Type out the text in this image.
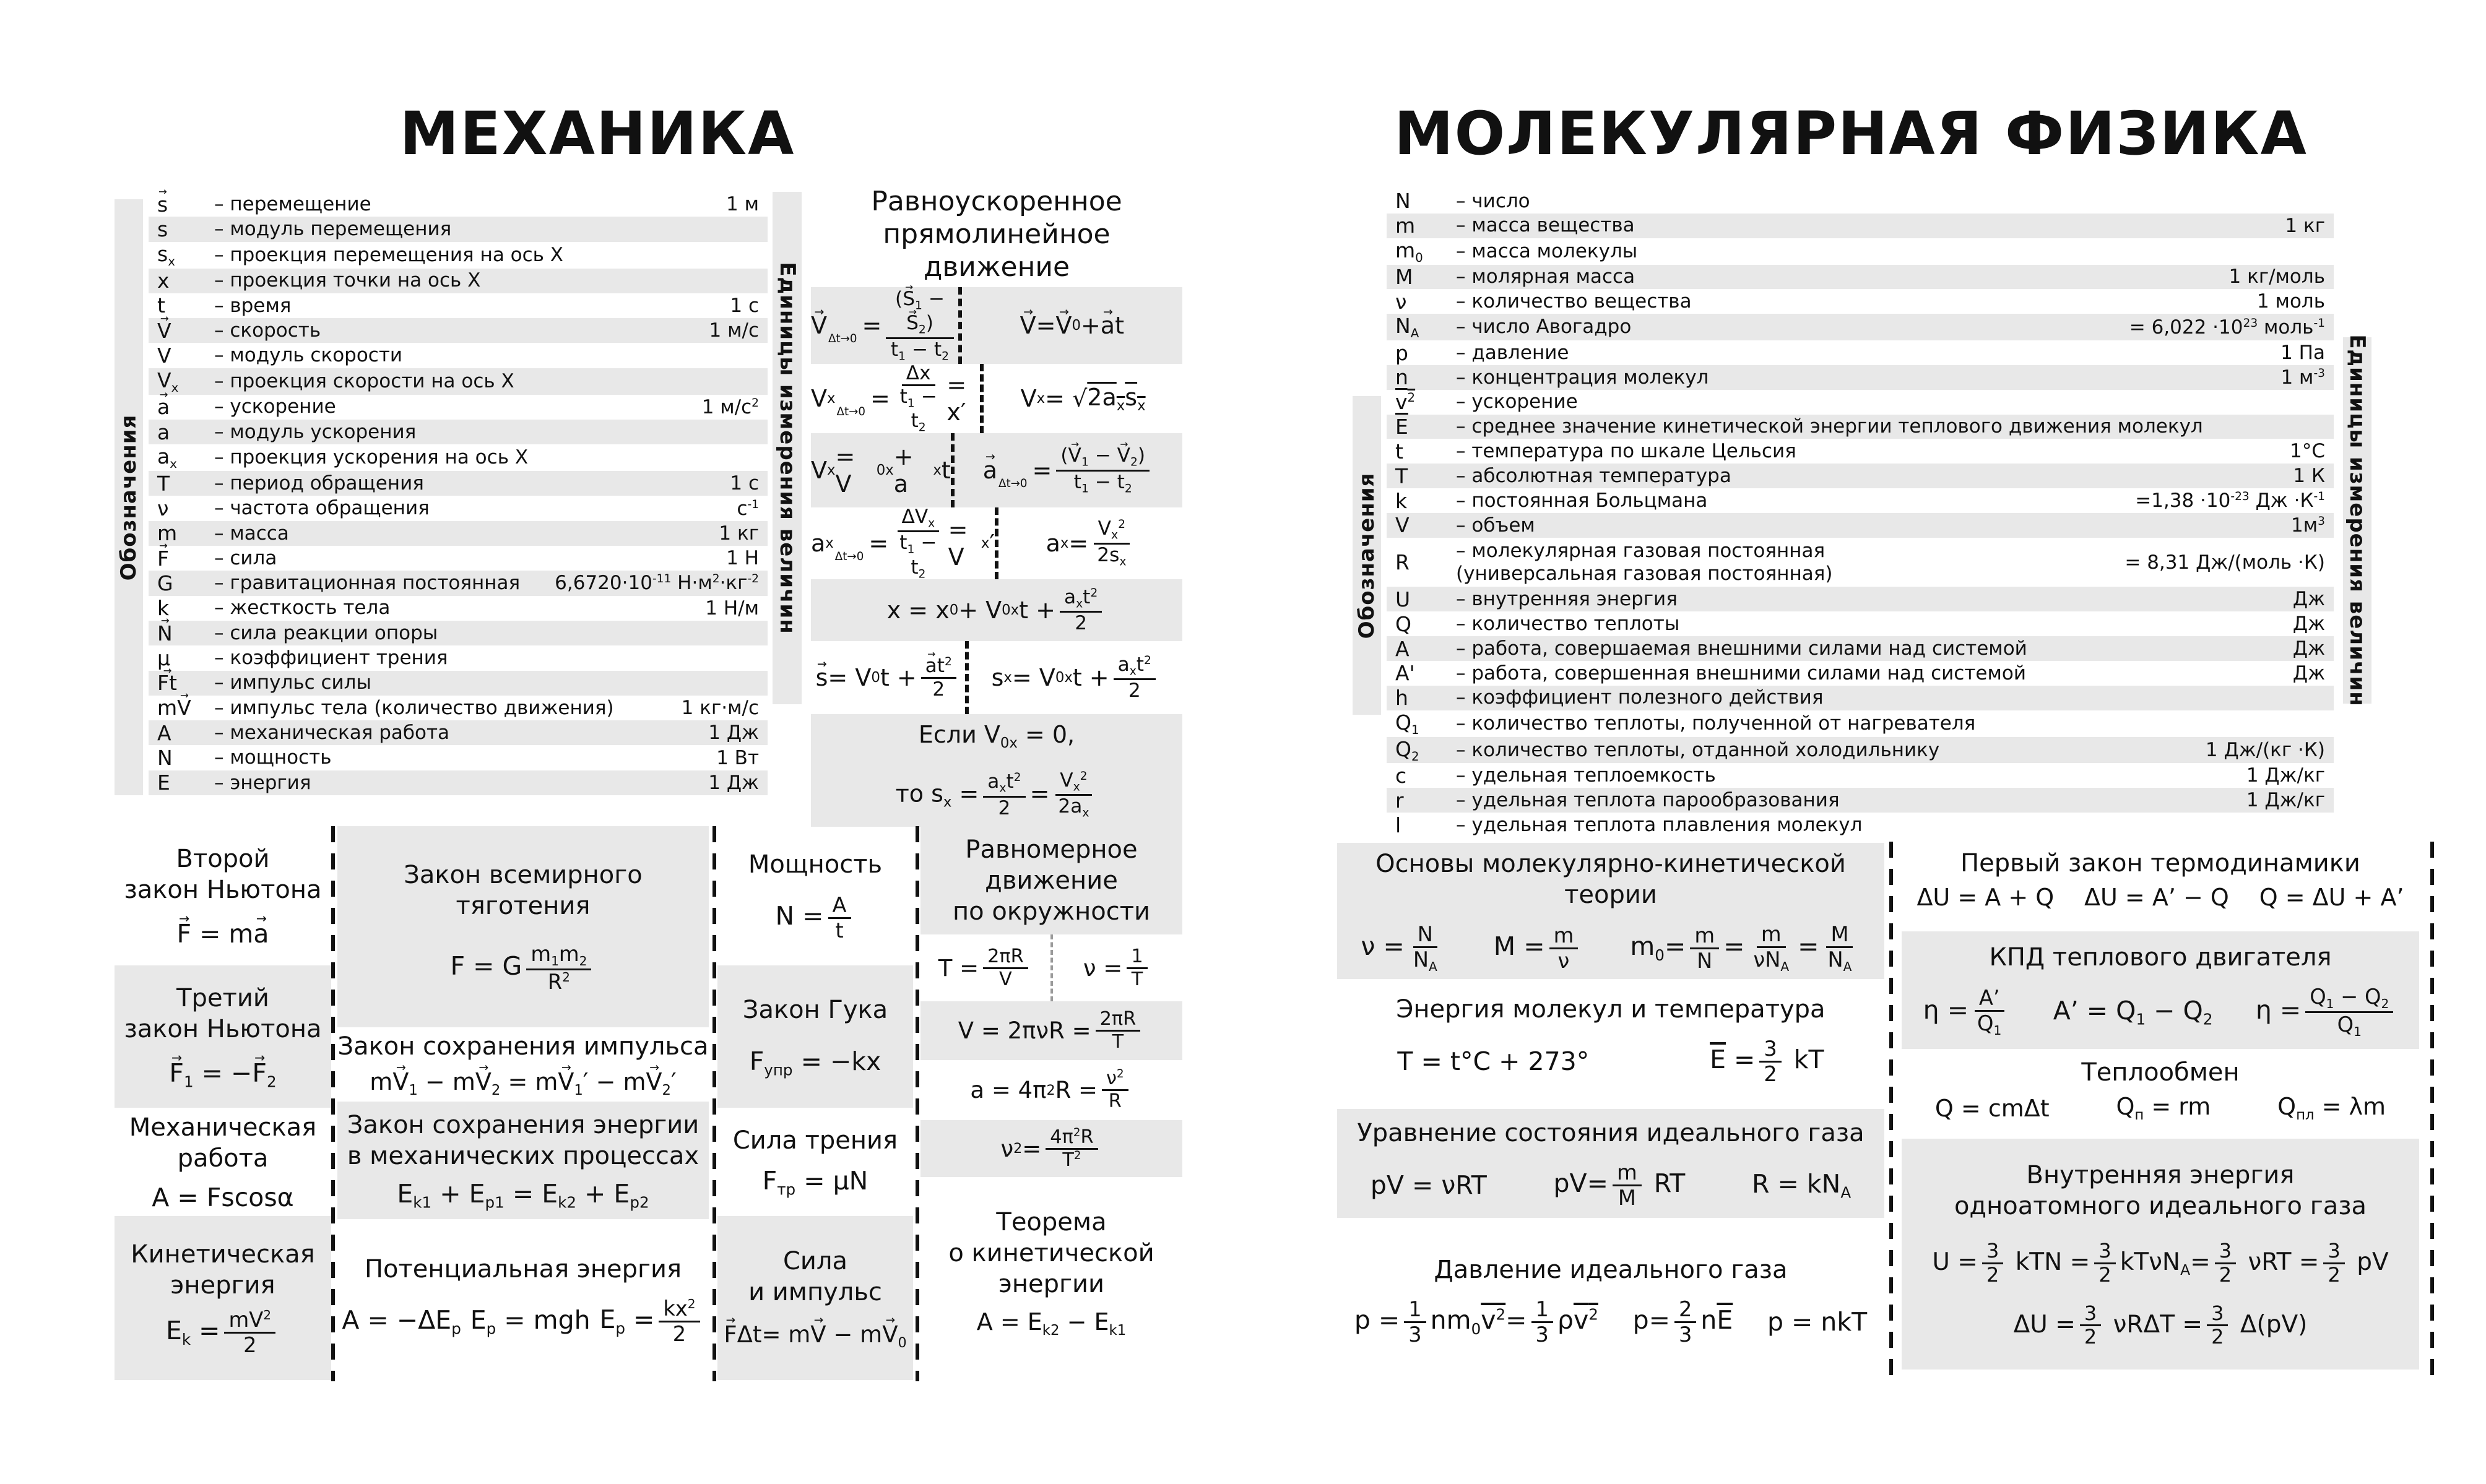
МЕХАНИКА
Обозначения
s →	– перемещение	1 м
s	– модуль перемещения
$s_x$	– проекция перемещения на ось X
x	– проекция точки на ось X
t	– время	1 с
V →	– скорость	1 м/с
V	– модуль скорости
$V_x$	– проекция скорости на ось X
a →	– ускорение	1 $м/с^2$
a	– модуль ускорения
$a_x$	– проекция ускорения на ось X
T	– период обращения	1 с
ν	– частота обращения	$с^{-1}$
m	– масса	1 кг
F →	– сила	1 Н
G	– гравитационная постоянная	$6,6720\cdot 10^{-11}$ $Н\cdot м^2\cdot кг^{-2}$
k	– жесткость тела	1 Н/м
N →	– сила реакции опоры
μ	– коэффициент трения
Ft →	– импульс силы
mV →	– импульс тела (количество движения)	1 кг·м/с
A	– механическая работа	1 Дж
N	– мощность	1 Вт
E	– энергия	1 Дж
Единицы измерения величин
Равноускоренное
прямолинейное
движение
$V \to \Delta t\to 0 = \frac{(S \to_1 - S \to_2)}{t_1 - t_2}$	V → = V → 0 + a → t
V x
$\Delta t\to 0 = \frac{\Delta x}{t_1 - t_2} = x'$	V x = √ $2a_xs_x$
V x = V 0x + a x t $a \to \Delta t\to 0 = \frac{(V \to_1 - V \to_2)}{t_1 - t_2}$
a x
$\Delta t\to 0 = \frac{\Delta V_x}{t_1 - t_2} = V$ x ′	a $x = \frac{V_x^2}{2s_x}$
x = x 0 + V 0x $t + \frac{a_xt^2}{2}$
s → = V 0 $t + \frac{a \to t^2}{2}$	s x = V 0x $t + \frac{a_xt^2}{2}$
Если $V_{0x} = 0$,
то $s_x = \frac{a_xt^2}{2} = \frac{V_x^2}{2a_x}$
Второй
закон Ньютона
F → = ma →
Третий
закон Ньютона
$F \to_1 = -F \to_2$
Механическая
работа
A = Fscosα
Кинетическая
энергия
$E_k = \frac{mV^2}{2}$
Закон всемирного тяготения
F = G $\frac{m_1m_2}{R^2}$
Закон сохранения импульса
mV $\to_1$ − mV $\to_2$ = mV $\to_1'$ − mV $\to_2'$
Закон сохранения энергии
в механических процессах
$E_{k1} + E_{p1} = E_{k2} + E_{p2}$
Потенциальная энергия
$A = -\Delta E_p$ $E_p$ = mgh $E_p = \frac{kx^2}{2}$
Мощность
$N = \frac{A}{t}$
Закон Гука
$F_{упр} = -kx$
Сила трения
$F_{тр} = \mu N$
Сила
и импульс
F →Δt= mV → − mV $\to_0$
Равномерное
движение
по окружности
$T = \frac{2\pi R}{V}$	$\nu = \frac{1}{T}$
$V = 2\pi\nu R = \frac{2\pi R}{T}$
a = 4π 2 $R = \frac{\nu^2}{R}$
ν $2 = \frac{4\pi^2R}{T^2}$
Теорема
о кинетической
энергии
$A = E_{k2} - E_{k1}$
МОЛЕКУЛЯРНАЯ ФИЗИКА
Обозначения
N	– число
m	– масса вещества	1 кг
$m_0$	– масса молекулы
M	– молярная масса	1 кг/моль
ν	– количество вещества	1 моль
$N_A$	– число Авогадро	= $6,022 \cdot 10^{23}$ моль$^{-1}$
p	– давление	1 Па
n	– концентрация молекул	1 $м^{-3}$
$v^2$	– ускорение
$\overline{E}$	– среднее значение кинетической энергии теплового движения молекул
t	– температура по шкале Цельсия	1°C
T	– абсолютная температура	1 К
k	– постоянная Больцмана	$=1,38 \cdot 10^{-23}$ Дж $\cdot К^{-1}$
V	– объем	$1м^3$
R	– молекулярная газовая постоянная
(универсальная газовая постоянная)	= 8,31 Дж/(моль ·К)
U	– внутренняя энергия	Дж
Q	– количество теплоты	Дж
A	– работа, совершаемая внешними силами над системой	Дж
A'	– работа, совершенная внешними силами над системой	Дж
h	– коэффициент полезного действия
$Q_1$	– количество теплоты, полученной от нагревателя
$Q_2$	– количество теплоты, отданной холодильнику	1 Дж/(кг ·К)
c	– удельная теплоемкость	1 Дж/кг
r	– удельная теплота парообразования	1 Дж/кг
l	– удельная теплота плавления молекул
Единицы измерения величин
Основы молекулярно-кинетической теории
$\nu = \frac{N}{N_A}$ $M = \frac{m}{\nu} m_0= \frac{m}{N} = \frac{m}{\nu N_A} = \frac{M}{N_A}$
Энергия молекул и температура
T = t°C + 273°	$\overline{E} = \frac{3}{2}$ kT
Уравнение состояния идеального газа
pV = νRT	$pV= \frac{m}{M}$ RT	$R = kN_A$
Давление идеального газа
$p = \frac{1}{3} nm_0v^2= \frac{1}{3} \rho v^2$ $p= \frac{2}{3} n\overline{E}$ p = nkT
Первый закон термодинамики
ΔU = A + Q ΔU = A’ − Q Q = ΔU + A’
КПД теплового двигателя
$\eta = \frac{A’}{Q_1} A$’ = $Q_1 - Q_2$ $\eta = \frac{Q_1 - Q_2}{Q_1}$
Теплообмен
Q = cmΔt	$Q_п$ = rm	$Q_{пл} = \lambda m$
Внутренняя энергия
одноатомного идеального газа
$U = \frac{3}{2}$ kTN = $\frac{3}{2} kT\nu N_A= \frac{3}{2}$ $\nu RT = \frac{3}{2}$ pV
$\Delta U = \frac{3}{2}$ $\nu R\Delta T = \frac{3}{2} \Delta(pV)$
